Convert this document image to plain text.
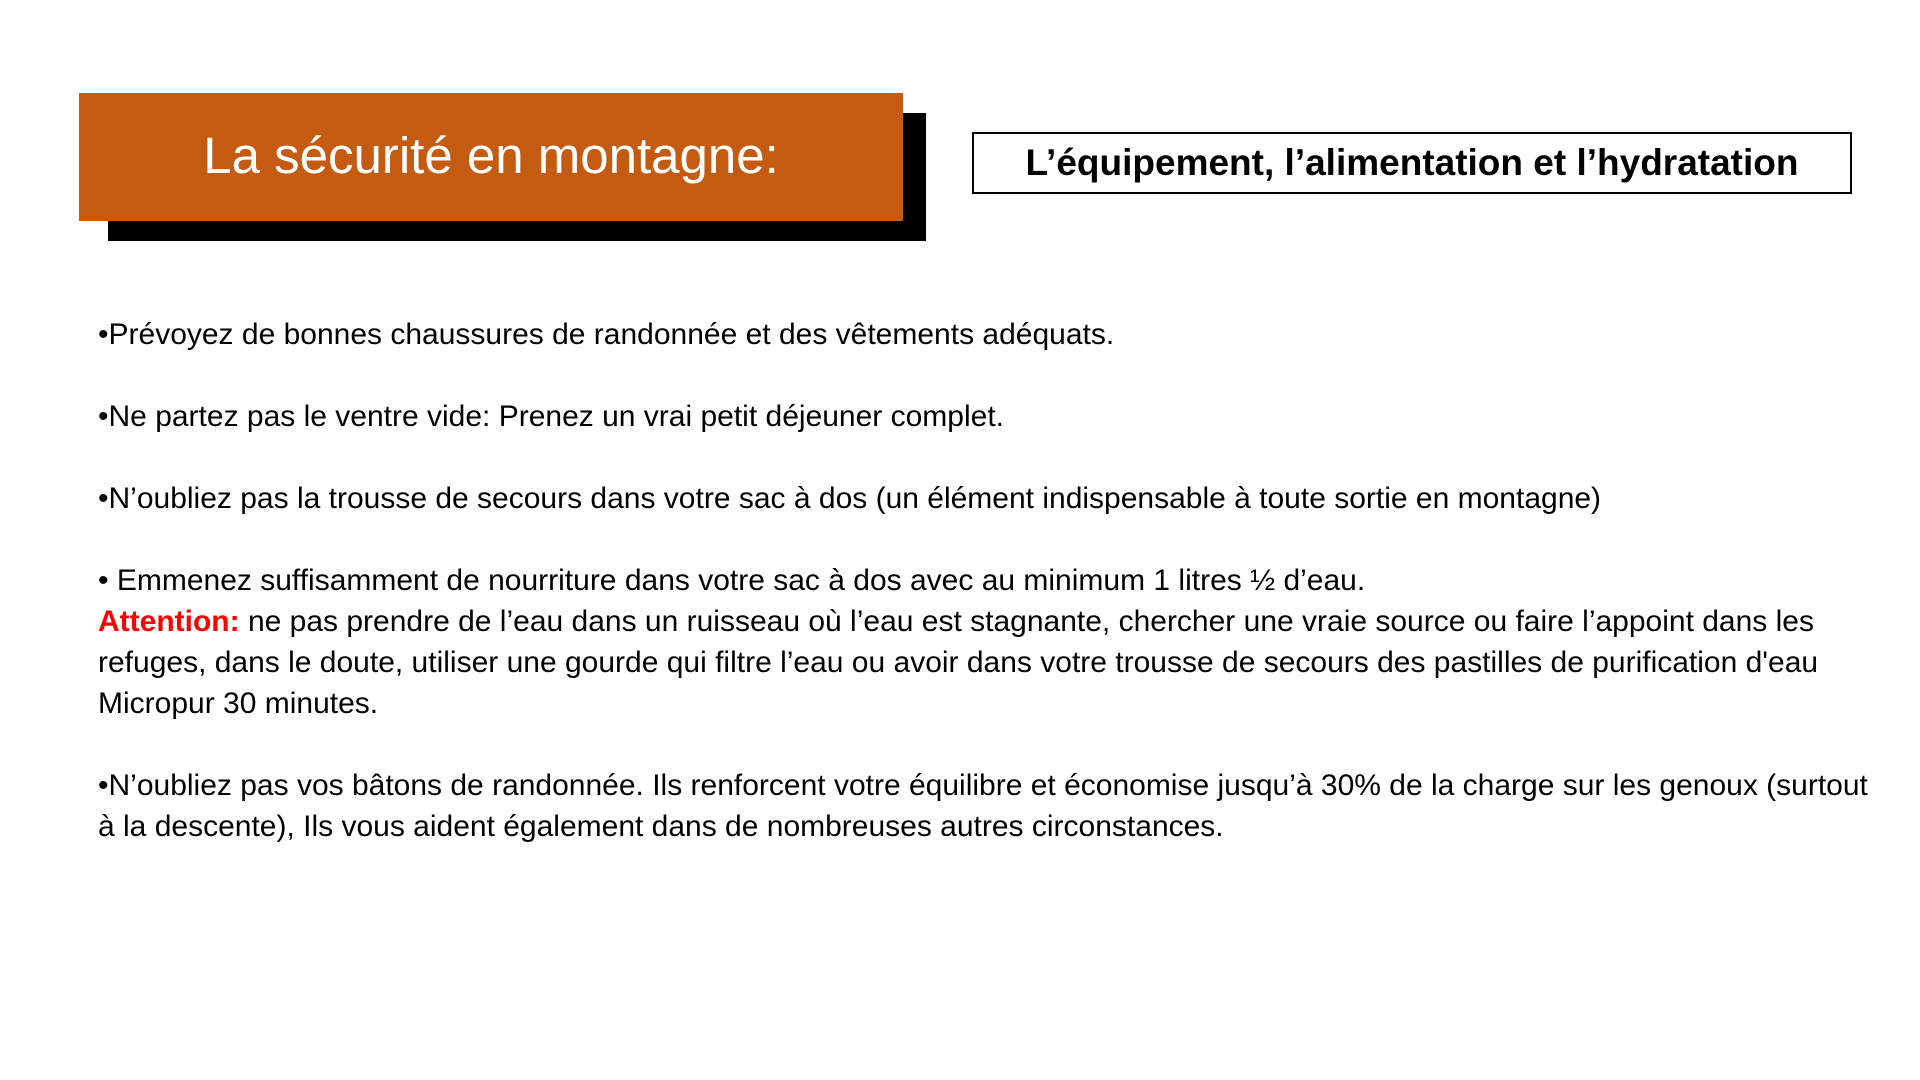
La sécurité en montagne:	L’équipement, l’alimentation et l’hydratation

•Prévoyez de bonnes chaussures de randonnée et des vêtements adéquats.

•Ne partez pas le ventre vide: Prenez un vrai petit déjeuner complet.

•N’oubliez pas la trousse de secours dans votre sac à dos (un élément indispensable à toute sortie en montagne)

• Emmenez suffisamment de nourriture dans votre sac à dos avec au minimum 1 litres ½ d’eau.
Attention: ne pas prendre de l’eau dans un ruisseau où l’eau est stagnante, chercher une vraie source ou faire l’appoint dans les refuges, dans le doute, utiliser une gourde qui filtre l’eau ou avoir dans votre trousse de secours des pastilles de purification d'eau Micropur 30 minutes.

•N’oubliez pas vos bâtons de randonnée. Ils renforcent votre équilibre et économise jusqu’à 30% de la charge sur les genoux (surtout à la descente), Ils vous aident également dans de nombreuses autres circonstances.
